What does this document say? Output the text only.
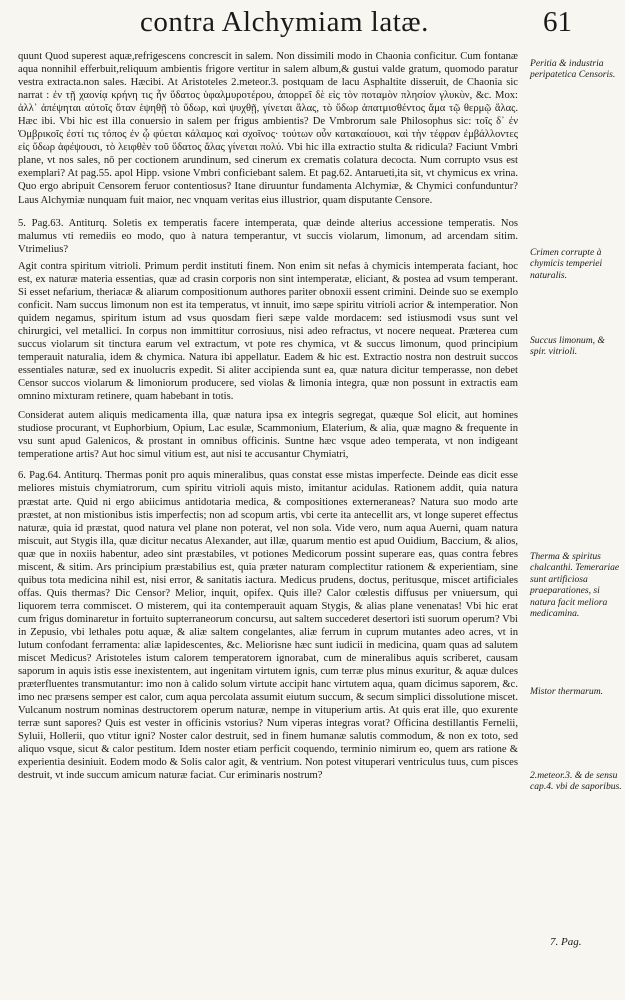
contra Alchymiam latæ.	61

quunt Quod superest aquæ,refrigescens concrescit in salem. Non dissimili modo in Chaonia conficitur. Cum fontanæ aqua nonnihil efferbuit,reliquum ambientis frigore vertitur in salem album,& gustui valde gratum, quomodo paratur vestra extracta.non sales. Hæcibi. At Aristoteles 2.meteor.3. postquam de lacu Asphaltite disseruit, de Chaonia sic narrat : ἐν τῇ χαονίᾳ κρήνη τις ἦν ὕδατος ὑφαλμυροτέρου, ἀπορρεῖ δὲ εἰς τὸν ποταμὸν πλησίον γλυκὺν, &c. Mox: ἀλλ᾽ ἀπέψηται αὐτοῖς ὅταν ἑψηθῇ τὸ ὕδωρ, καὶ ψυχθῇ, γίνεται ἅλας, τὸ ὕδωρ ἀπατμισθέντος ἅμα τῷ θερμῷ ἅλας. Hæc ibi. Vbi hic est illa conuersio in salem per frigus ambientis? De Vmbrorum sale Philosophus sic: τοῖς δ᾽ ἐν Ὀμβρικοῖς ἐστί τις τόπος ἐν ᾧ φύεται κάλαμος καὶ σχοῖνος· τούτων οὖν κατακαίουσι, καὶ τὴν τέφραν ἐμβάλλοντες εἰς ὕδωρ ἀφέψουσι, τὸ λειφθὲν τοῦ ὕδατος ἅλας γίνεται πολύ. Vbi hic illa extractio stulta & ridicula? Faciunt Vmbri plane, vt nos sales, nō per coctionem arundinum, sed cinerum ex crematis colatura decocta. Num corrupto vsus est exemplari? At pag.55. apol Hipp. vsione Vmbri conficiebant salem. Et pag.62. Antarueti,ita sit, vt chymicus ex vrina. Quo ergo abripuit Censorem feruor contentiosus? Itane diruuntur fundamenta Alchymiæ, & Chymici confunduntur? Laus Alchymiæ nunquam fuit maior, nec vnquam veritas eius illustrior, quam disputante Censore.

5. Pag.63. Antiturq. Soletis ex temperatis facere intemperata, quæ deinde alterius accessione temperatis. Nos malumus vti remediis eo modo, quo à natura temperantur, vt succis violarum, limonum, ad arcendam sitim. Vtrimelius?

Agit contra spiritum vitrioli. Primum perdit instituti finem. Non enim sit nefas à chymicis intemperata faciant, hoc est, ex naturæ materia essentias, quæ ad crasin corporis non sint intemperatæ, eliciant, & postea ad vsum temperant. Si esset nefarium, theriacæ & aliarum compositionum authores pariter obnoxii essent crimini. Deinde suo se exemplo conficit. Nam succus limonum non est ita temperatus, vt innuit, imo sæpe spiritu vitrioli acrior & intemperatior. Non quidem negamus, spiritum istum ad vsus quosdam fieri sæpe valde mordacem: sed istiusmodi vsus sunt vel chirurgici, vel metallici. In corpus non immittitur corrosiuus, nisi adeo refractus, vt nocere nequeat. Præterea cum succus violarum sit tinctura earum vel extractum, vt pote res chymica, vt & succus limonum, quod principium temperauit naturalia, idem & chymica. Natura ibi appellatur. Eadem & hic est. Extractio nostra non destruit succos essentiales naturæ, sed ex inuolucris expedit. Si aliter accipienda sunt ea, quæ natura dicitur temperasse, non debet Censor succos violarum & limoniorum producere, sed violas & limonia integra, quæ non possunt in extractis eam omnino mixturam retinere, quam habebant in totis.

Considerat autem aliquis medicamenta illa, quæ natura ipsa ex integris segregat, quæque Sol elicit, aut homines studiose procurant, vt Euphorbium, Opium, Lac esulæ, Scammonium, Elaterium, & alia, quæ magno & frequente in vsu sunt apud Galenicos, & prostant in omnibus officinis. Suntne hæc vsque adeo temperata, vt non indigeant temperatione artis? Aut hoc simul vitium est, aut nisi te accusantur Chymiatri,

6. Pag.64. Antiturq. Thermas ponit pro aquis mineralibus, quas constat esse mistas imperfecte. Deinde eas dicit esse meliores mistuis chymiatrorum, cum spiritu vitrioli aquis misto, imitantur acidulas. Rationem addit, quia natura præstat arte. Quid ni ergo abiicimus antidotaria medica, & compositiones externeraneas? Natura suo modo arte præstet, at non mistionibus istis imperfectis; non ad scopum artis, vbi certe ita antecellit ars, vt longe superet effectus naturæ, quia id præstat, quod natura vel plane non poterat, vel non sola. Vide vero, num aqua Auerni, quam natura miscuit, aut Stygis illa, quæ dicitur necatus Alexander, aut illæ, quarum mentio est apud Ouidium, Baccium, & alios, quæ que in noxiis habentur, adeo sint præstabiles, vt potiones Medicorum possint superare eas, quas contra febres miscent, & sitim. Ars principium præstabilius est, quia præter naturam complectitur rationem & experientiam, sine quibus tota medicina nihil est, nisi error, & sanitatis iactura. Medicus prudens, doctus, peritusque, miscet artificiales offas. Quis thermas? Dic Censor? Melior, inquit, opifex. Quis ille? Calor cœlestis diffusus per vniuersum, qui liquorem terra commiscet. O misterem, qui ita contemperauit aquam Stygis, & alias plane venenatas! Vbi hic erat cum frigus dominaretur in fortuito supterraneorum concursu, aut saltem succederet desertori isti suorum operum? Vbi in Zepusio, vbi lethales potu aquæ, & aliæ saltem congelantes, aliæ ferrum in cuprum mutantes adeo acres, vt in lutum confodant ferramenta: aliæ lapidescentes, &c. Meliorisne hæc sunt iudicii in medicina, quam quas ad salutem miscet Medicus? Aristoteles istum calorem temperatorem ignorabat, cum de mineralibus aquis scriberet, causam saporum in aquis istis esse inexistentem, aut ingenitam virtutem ignis, cum terræ plus minus exuritur, & aquæ dulces præterfluentes transmutantur: imo non à calido solum virtute accipit hanc virtutem aqua, quam dicimus saporem, &c. imo nec præsens semper est calor, cum aqua percolata assumit eiutum succum, & secum simplici dissolutione miscet. Vulcanum nostrum nominas destructorem operum naturæ, nempe in vituperium artis. At quis erat ille, quo exurente terræ sunt sapores? Quis est vester in officinis vstorius? Num viperas integras vorat? Officina destillantis Fernelii, Syluii, Hollerii, quo vtitur igni? Noster calor destruit, sed in finem humanæ salutis commodum, & non ex toto, sed aliquo vsque, sicut & calor pestitum. Idem noster etiam perficit coquendo, terminio nimirum eo, quem ars ratione & experientia desiniuit. Eodem modo & Solis calor agit, & ventrium. Non potest vituperari ventriculus tuus, cum pisces destruit, vt inde succum amicum naturæ faciat. Cur eriminaris nostrum?

Peritia & industria peripatetica Censoris.
Crimen corrupte à chymicis temperiei naturalis.
Succus limonum, & spir. vitrioli.
Therma & spiritus chalcanthi. Temerariae sunt artificiosa praeparationes, si natura facit meliora medicamina.
Mistor thermarum.
2.meteor.3. & de sensu cap.4. vbi de saporibus.
7. Pag.
